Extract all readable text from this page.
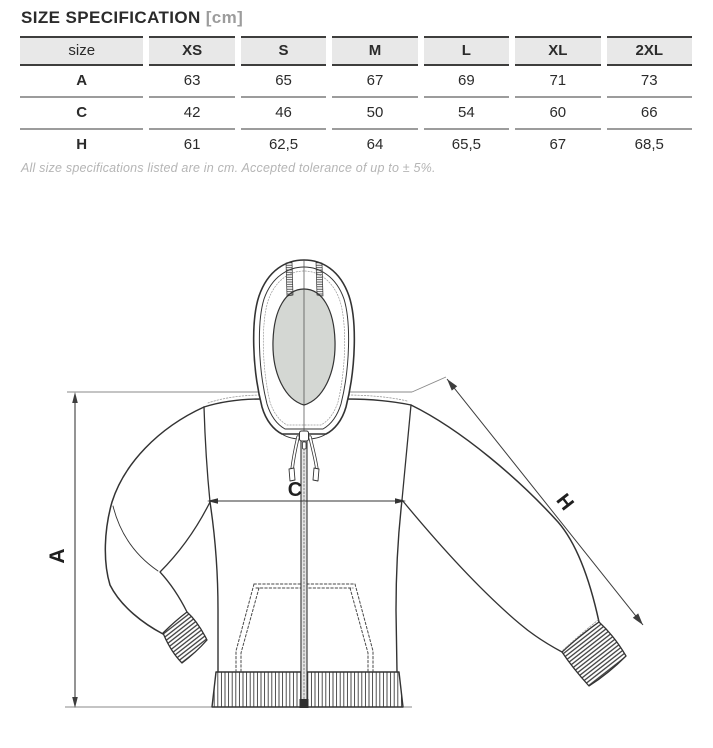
SIZE SPECIFICATION [cm]
size	XS	S	M	L	XL	2XL
A	63	65	67	69	71	73
C	42	46	50	54	60	66
H	61	62,5	64	65,5	67	68,5
All size specifications listed are in cm. Accepted tolerance of up to ± 5%.
A
C	H
